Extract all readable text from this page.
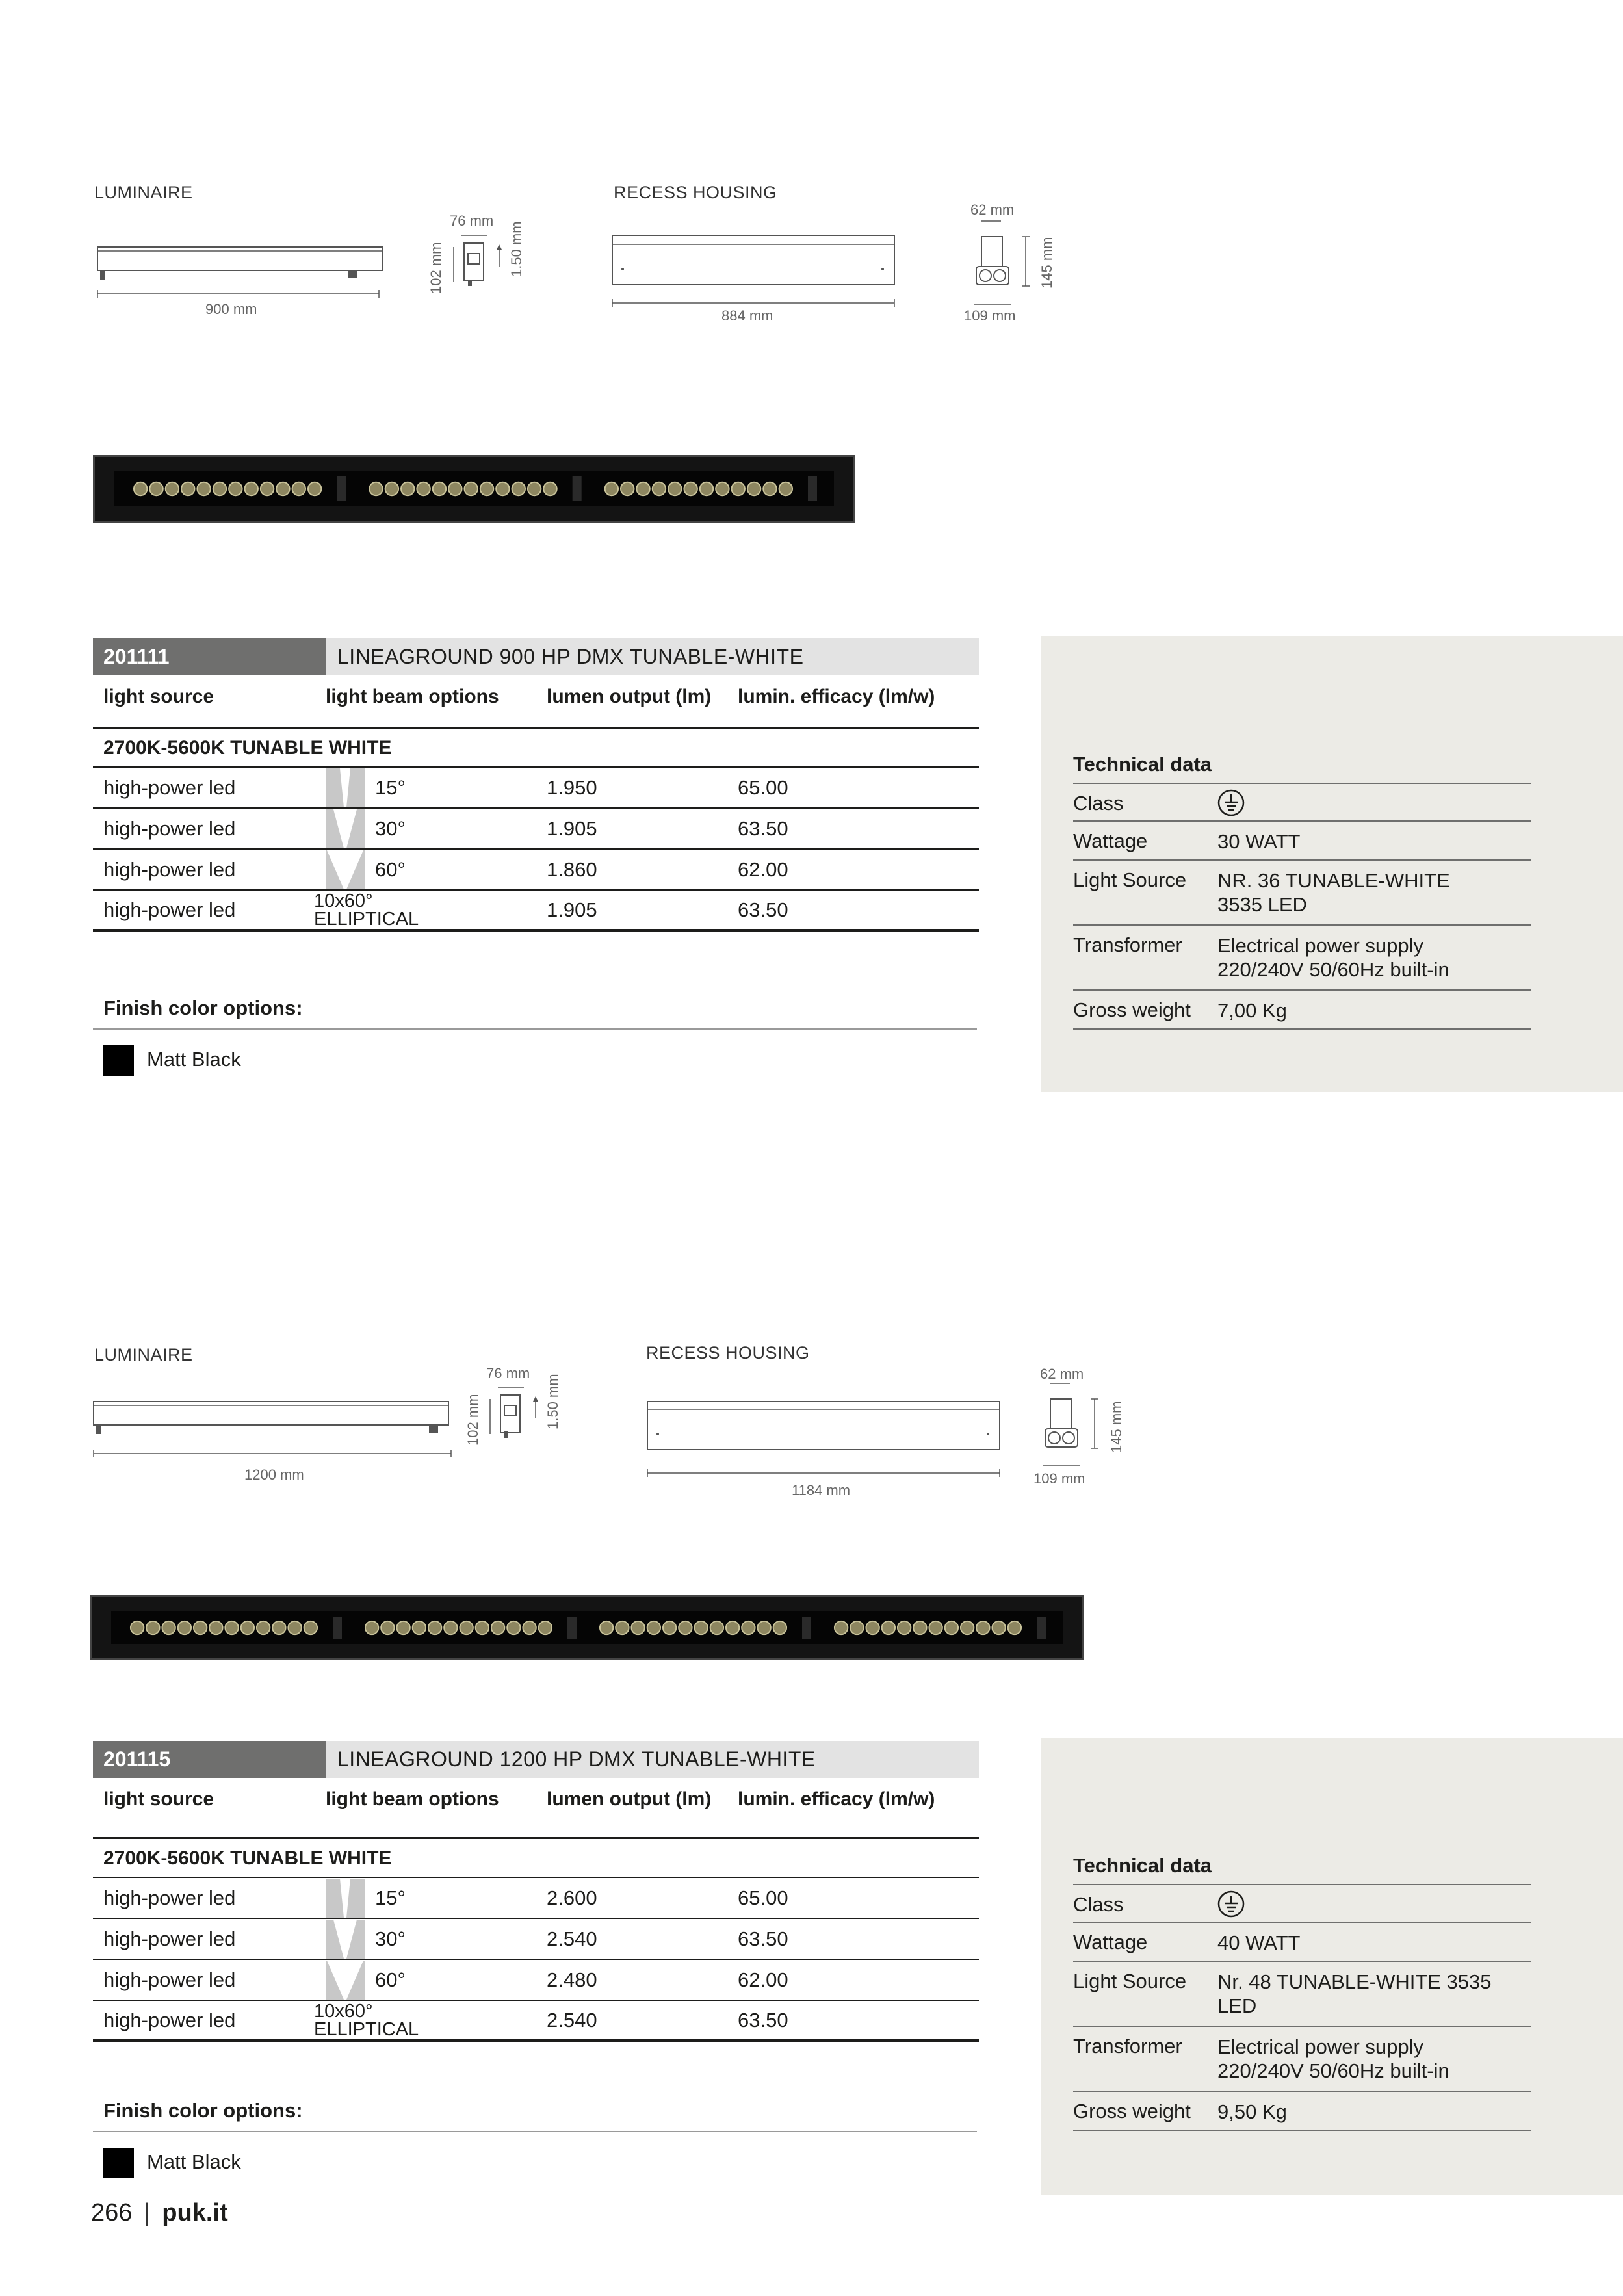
LUMINAIRE
900 mm
76 mm
102 mm	1.50 mm
RECESS HOUSING
884 mm
62 mm
145 mm
109 mm
201111	LINEAGROUND 900 HP DMX TUNABLE-WHITE
light source	light beam options	lumen output (lm)	lumin. efficacy (lm/w)
2700K-5600K TUNABLE WHITE
high-power led	15°	1.950	65.00
high-power led	30°	1.905	63.50
high-power led	60°	1.860	62.00
high-power led	10x60° ELLIPTICAL	1.905	63.50
Finish color options:
Matt Black
Technical data
Class
Wattage	30 WATT
Light Source	NR. 36 TUNABLE-WHITE 3535 LED
Transformer	Electrical power supply 220/240V 50/60Hz built-in
Gross weight	7,00 Kg
LUMINAIRE
1200 mm
76 mm
102 mm	1.50 mm
RECESS HOUSING
1184 mm
62 mm
145 mm
109 mm
201115	LINEAGROUND 1200 HP DMX TUNABLE-WHITE
light source	light beam options	lumen output (lm)	lumin. efficacy (lm/w)
2700K-5600K TUNABLE WHITE
high-power led	15°	2.600	65.00
high-power led	30°	2.540	63.50
high-power led	60°	2.480	62.00
high-power led	10x60° ELLIPTICAL	2.540	63.50
Finish color options:
Matt Black
Technical data
Class
Wattage	40 WATT
Light Source	Nr. 48 TUNABLE-WHITE 3535 LED
Transformer	Electrical power supply 220/240V 50/60Hz built-in
Gross weight	9,50 Kg
266 | puk.it
